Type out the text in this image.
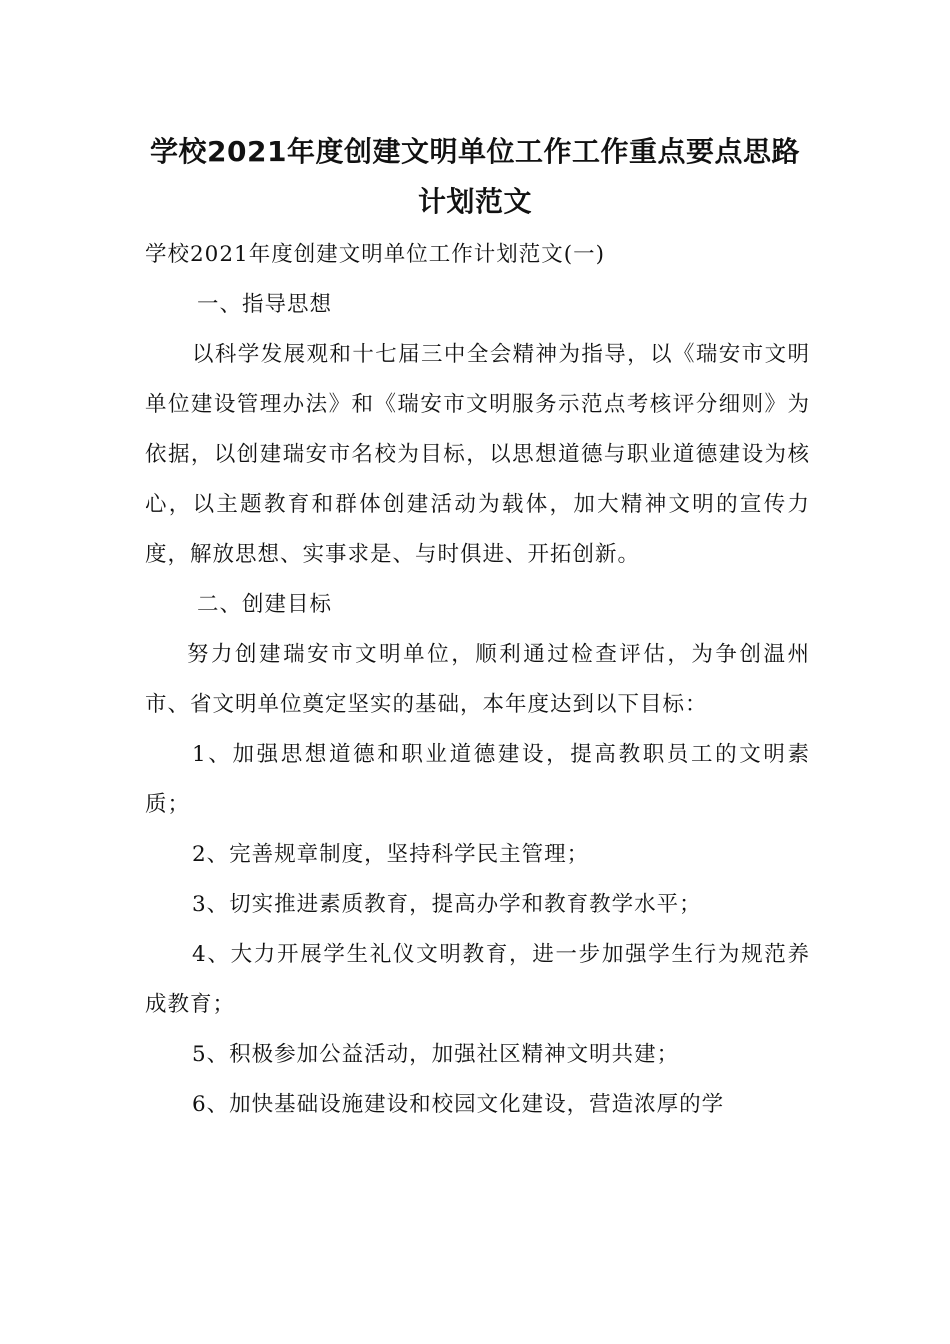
学校2021年度创建文明单位工作工作重点要点思路
计划范文

学校2021年度创建文明单位工作计划范文(一)

一、指导思想

以科学发展观和十七届三中全会精神为指导，以《瑞安市文明单位建设管理办法》和《瑞安市文明服务示范点考核评分细则》为依据，以创建瑞安市名校为目标，以思想道德与职业道德建设为核心，以主题教育和群体创建活动为载体，加大精神文明的宣传力度，解放思想、实事求是、与时俱进、开拓创新。

二、创建目标

努力创建瑞安市文明单位，顺利通过检查评估，为争创温州市、省文明单位奠定坚实的基础，本年度达到以下目标：

1、加强思想道德和职业道德建设，提高教职员工的文明素质；

2、完善规章制度，坚持科学民主管理；

3、切实推进素质教育，提高办学和教育教学水平；

4、大力开展学生礼仪文明教育，进一步加强学生行为规范养成教育；

5、积极参加公益活动，加强社区精神文明共建；

6、加快基础设施建设和校园文化建设，营造浓厚的学
